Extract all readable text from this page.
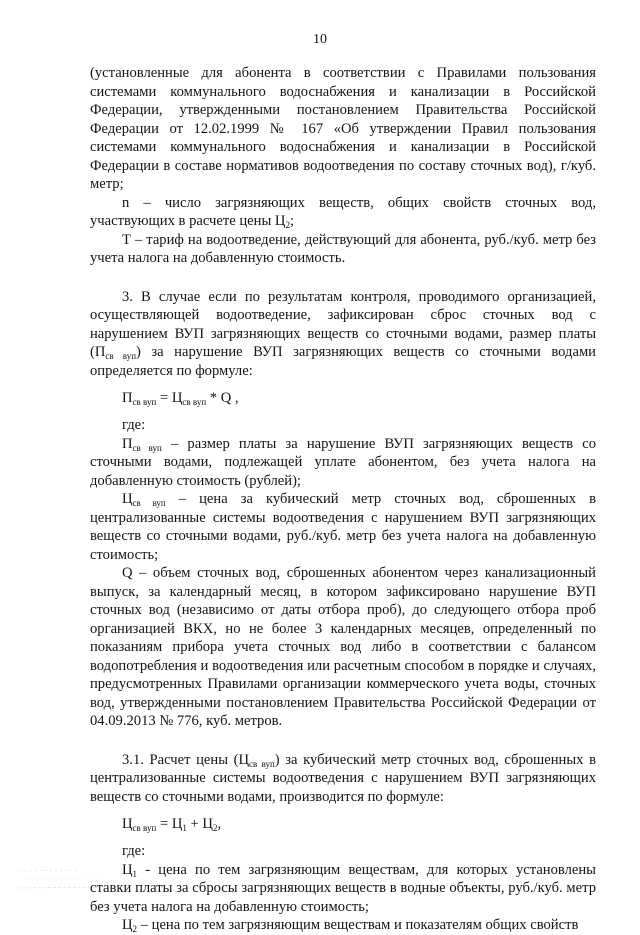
10

(установленные для абонента в соответствии с Правилами пользования системами коммунального водоснабжения и канализации в Российской Федерации, утвержденными постановлением Правительства Российской Федерации от 12.02.1999 № 167 «Об утверждении Правил пользования системами коммунального водоснабжения и канализации в Российской Федерации в составе нормативов водоотведения по составу сточных вод), г/куб. метр;

n – число загрязняющих веществ, общих свойств сточных вод, участвующих в расчете цены $Ц_2$;

Т – тариф на водоотведение, действующий для абонента, руб./куб. метр без учета налога на добавленную стоимость.

3. В случае если по результатам контроля, проводимого организацией, осуществляющей водоотведение, зафиксирован сброс сточных вод с нарушением ВУП загрязняющих веществ со сточными водами, размер платы $(П_{св вуп})$ за нарушение ВУП загрязняющих веществ со сточными водами определяется по формуле:

$П_{св вуп} = Ц_{св вуп} * Q$ ,

где:

$П_{св вуп}$ – размер платы за нарушение ВУП загрязняющих веществ со сточными водами, подлежащей уплате абонентом, без учета налога на добавленную стоимость (рублей);

$Ц_{св вуп}$ – цена за кубический метр сточных вод, сброшенных в централизованные системы водоотведения с нарушением ВУП загрязняющих веществ со сточными водами, руб./куб. метр без учета налога на добавленную стоимость;

Q – объем сточных вод, сброшенных абонентом через канализационный выпуск, за календарный месяц, в котором зафиксировано нарушение ВУП сточных вод (независимо от даты отбора проб), до следующего отбора проб организацией ВКХ, но не более 3 календарных месяцев, определенный по показаниям прибора учета сточных вод либо в соответствии с балансом водопотребления и водоотведения или расчетным способом в порядке и случаях, предусмотренных Правилами организации коммерческого учета воды, сточных вод, утвержденными постановлением Правительства Российской Федерации от 04.09.2013 № 776, куб. метров.

3.1. Расчет цены $(Ц_{св вуп})$ за кубический метр сточных вод, сброшенных в централизованные системы водоотведения с нарушением ВУП загрязняющих веществ со сточными водами, производится по формуле:

$Ц_{св вуп} = Ц_1 + Ц_2$,

где:

$Ц_1$ - цена по тем загрязняющим веществам, для которых установлены ставки платы за сбросы загрязняющих веществ в водные объекты, руб./куб. метр без учета налога на добавленную стоимость;

$Ц_2$ – цена по тем загрязняющим веществам и показателям общих свойств
